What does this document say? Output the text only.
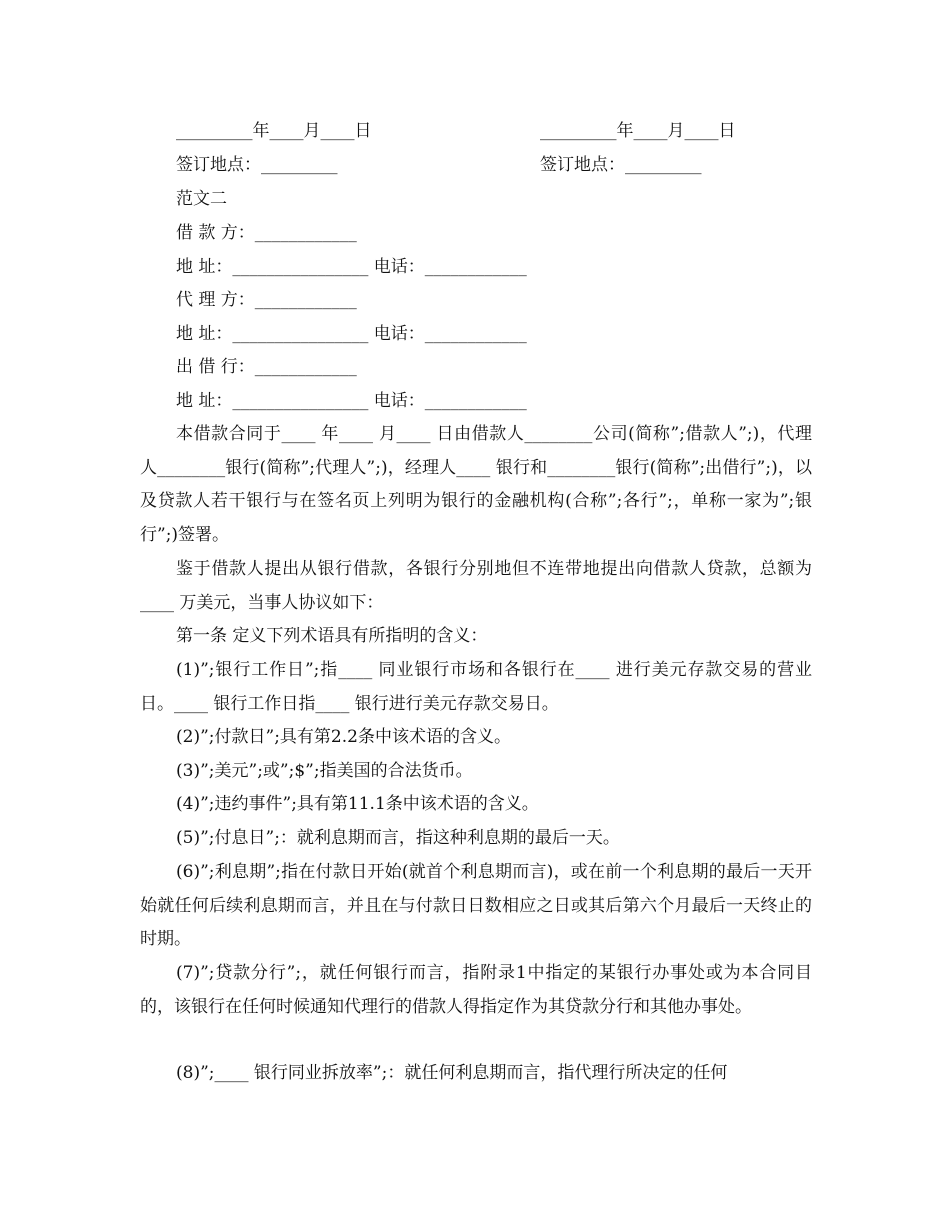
_________年____月____日	_________年____月____日
签订地点：_________	签订地点：_________
范文二
借 款 方：____________
地 址：________________ 电话：____________
代 理 方：____________
地 址：________________ 电话：____________
出 借 行：____________
地 址：________________ 电话：____________

本借款合同于____ 年____ 月____ 日由借款人________公司(简称”;借款人”;)，代理人________银行(简称”;代理人”;)，经理人____ 银行和________银行(简称”;出借行”;)，以及贷款人若干银行与在签名页上列明为银行的金融机构(合称”;各行”;，单称一家为”;银行”;)签署。

鉴于借款人提出从银行借款，各银行分别地但不连带地提出向借款人贷款，总额为____ 万美元，当事人协议如下：

第一条 定义下列术语具有所指明的含义：

(1)”;银行工作日”;指____ 同业银行市场和各银行在____ 进行美元存款交易的营业日。____ 银行工作日指____ 银行进行美元存款交易日。

(2)”;付款日”;具有第2.2条中该术语的含义。

(3)”;美元”;或”;$”;指美国的合法货币。

(4)”;违约事件”;具有第11.1条中该术语的含义。

(5)”;付息日”;：就利息期而言，指这种利息期的最后一天。

(6)”;利息期”;指在付款日开始(就首个利息期而言)，或在前一个利息期的最后一天开始就任何后续利息期而言，并且在与付款日日数相应之日或其后第六个月最后一天终止的时期。

(7)”;贷款分行”;，就任何银行而言，指附录1中指定的某银行办事处或为本合同目的，该银行在任何时候通知代理行的借款人得指定作为其贷款分行和其他办事处。

(8)”;____ 银行同业拆放率”;：就任何利息期而言，指代理行所决定的任何
